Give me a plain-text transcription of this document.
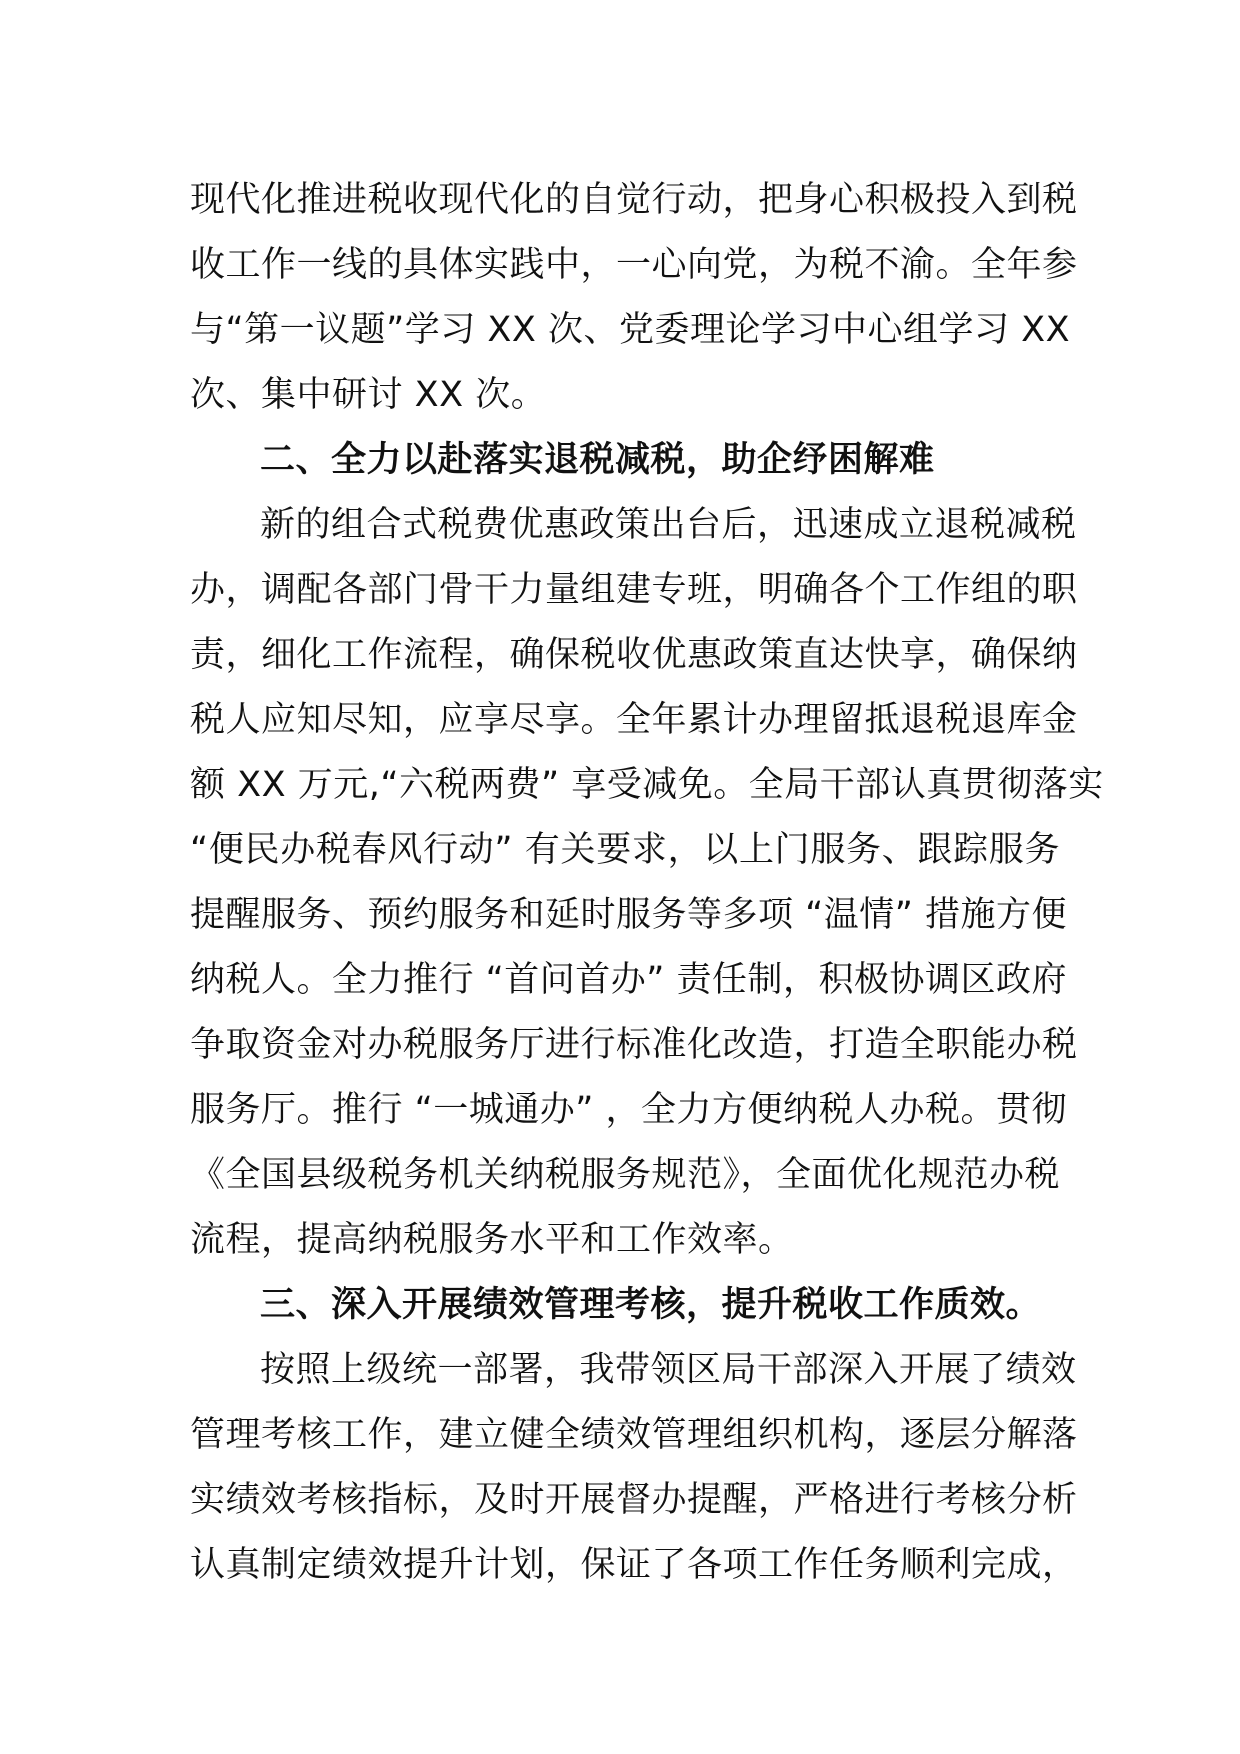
现代化推进税收现代化的自觉行动，把身心积极投入到税
收工作一线的具体实践中，一心向党，为税不渝。全年参
与“第一议题”学习 XX 次、党委理论学习中心组学习 XX
次、集中研讨 XX 次。
二、全力以赴落实退税减税，助企纾困解难
新的组合式税费优惠政策出台后，迅速成立退税减税
办，调配各部门骨干力量组建专班，明确各个工作组的职
责，细化工作流程，确保税收优惠政策直达快享，确保纳
税人应知尽知，应享尽享。全年累计办理留抵退税退库金
额 XX 万元,“六税两费” 享受减免。全局干部认真贯彻落实
“便民办税春风行动” 有关要求，以上门服务、跟踪服务
提醒服务、预约服务和延时服务等多项 “温情” 措施方便
纳税人。全力推行 “首问首办” 责任制，积极协调区政府
争取资金对办税服务厅进行标准化改造，打造全职能办税
服务厅。推行 “一城通办” ，全力方便纳税人办税。贯彻
《全国县级税务机关纳税服务规范》，全面优化规范办税
流程，提高纳税服务水平和工作效率。
三、深入开展绩效管理考核，提升税收工作质效。
按照上级统一部署，我带领区局干部深入开展了绩效
管理考核工作，建立健全绩效管理组织机构，逐层分解落
实绩效考核指标，及时开展督办提醒，严格进行考核分析
认真制定绩效提升计划，保证了各项工作任务顺利完成，
